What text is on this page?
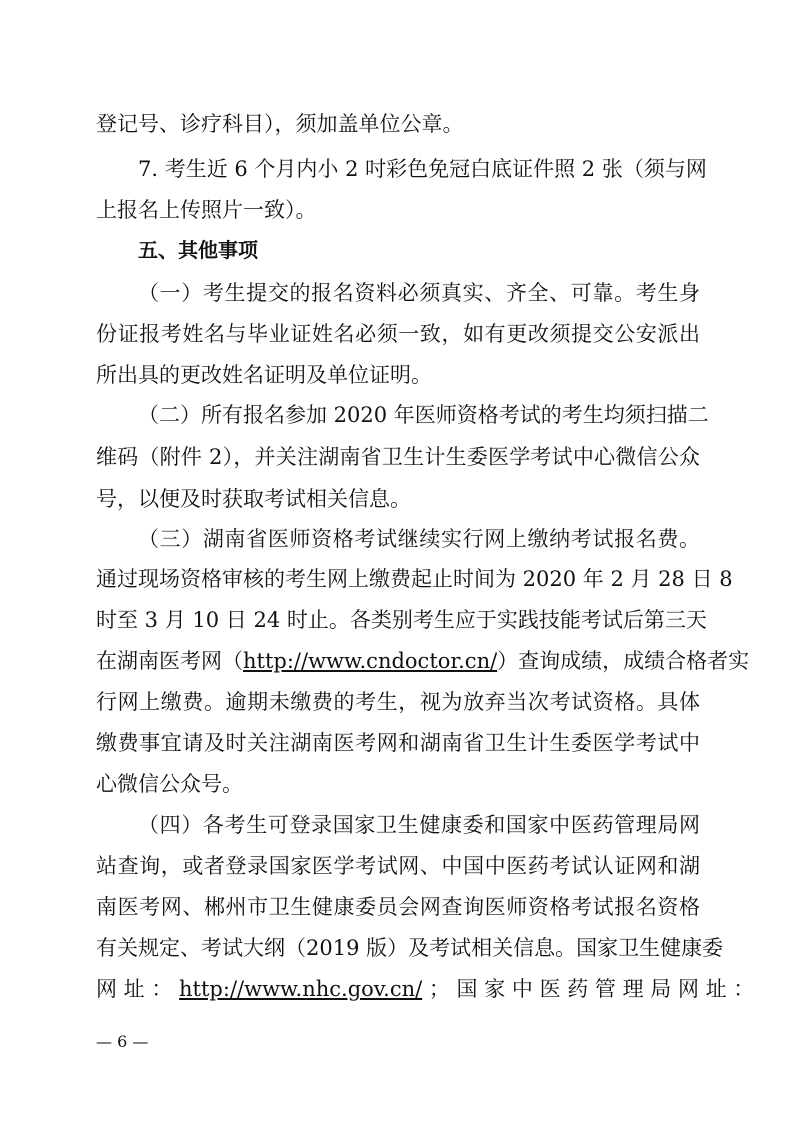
登记号、诊疗科目），须加盖单位公章。
7. 考生近 6 个月内小 2 吋彩色免冠白底证件照 2 张（须与网
上报名上传照片一致）。
五、其他事项
（一）考生提交的报名资料必须真实、齐全、可靠。考生身
份证报考姓名与毕业证姓名必须一致，如有更改须提交公安派出
所出具的更改姓名证明及单位证明。
（二）所有报名参加 2020 年医师资格考试的考生均须扫描二
维码（附件 2），并关注湖南省卫生计生委医学考试中心微信公众
号，以便及时获取考试相关信息。
（三）湖南省医师资格考试继续实行网上缴纳考试报名费。
通过现场资格审核的考生网上缴费起止时间为 2020 年 2 月 28 日 8
时至 3 月 10 日 24 时止。各类别考生应于实践技能考试后第三天
在湖南医考网（http://www.cndoctor.cn/）查询成绩，成绩合格者实
行网上缴费。逾期未缴费的考生，视为放弃当次考试资格。具体
缴费事宜请及时关注湖南医考网和湖南省卫生计生委医学考试中
心微信公众号。
（四）各考生可登录国家卫生健康委和国家中医药管理局网
站查询，或者登录国家医学考试网、中国中医药考试认证网和湖
南医考网、郴州市卫生健康委员会网查询医师资格考试报名资格
有关规定、考试大纲（2019 版）及考试相关信息。国家卫生健康委
网 址 ： http://www.nhc.gov.cn/ ； 国 家 中 医 药 管 理 局 网 址 ：
— 6 —
